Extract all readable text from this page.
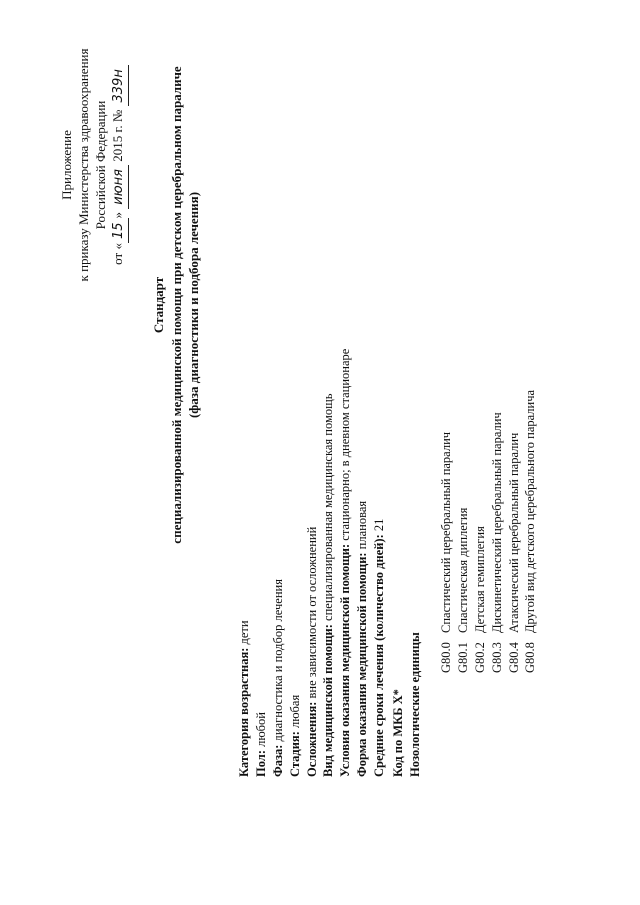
Приложение к приказу Министерства здравоохранения Российской Федерации
от «15» июня 2015 г. № 339н
Стандарт специализированной медицинской помощи при детском церебральном параличе (фаза диагностики и подбора лечения)
Категория возрастная: дети
Пол: любой
Фаза: диагностика и подбор лечения
Стадия: любая Осложнения: вне зависимости от осложнений Вид медицинской помощи: специализированная медицинская помощь
Условия оказания медицинской помощи: стационарно; в дневном стационаре
Форма оказания медицинской помощи: плановая
Средние сроки лечения (количество дней): 21
Код по МКБ X* Нозологические единицы G80.0Спастический церебральный паралич
G80.1Спастическая диплегия
G80.2Детская гемиплегия
G80.3Дискинетический церебральный паралич
G80.4Атаксический церебральный паралич
G80.8Другой вид детского церебрального паралича
